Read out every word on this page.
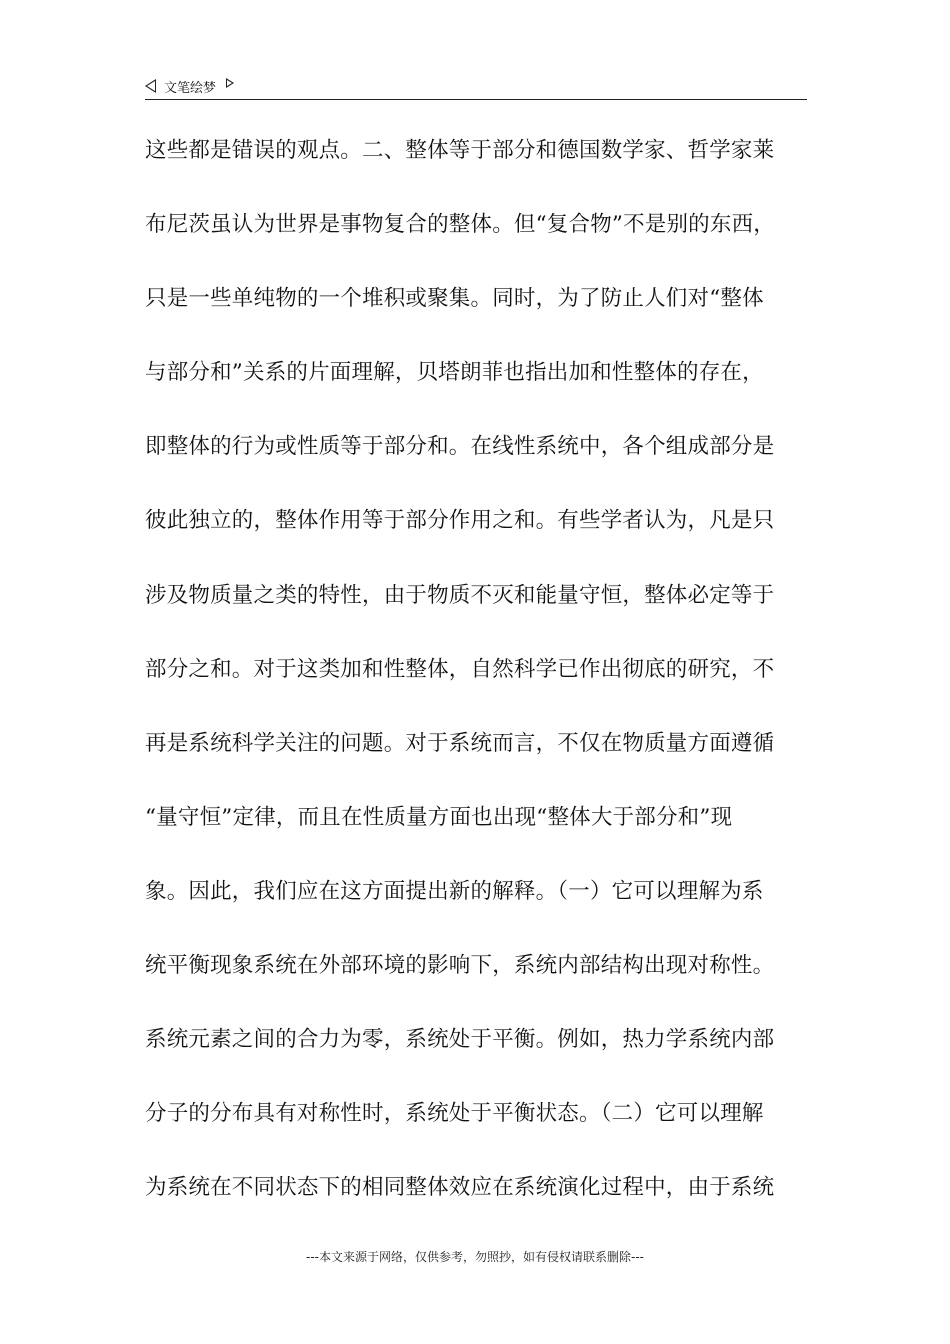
文笔绘梦
这些都是错误的观点。二、整体等于部分和德国数学家、哲学家莱
布尼茨虽认为世界是事物复合的整体。但“复合物”不是别的东西，
只是一些单纯物的一个堆积或聚集。同时，为了防止人们对“整体
与部分和”关系的片面理解，贝塔朗菲也指出加和性整体的存在，
即整体的行为或性质等于部分和。在线性系统中，各个组成部分是
彼此独立的，整体作用等于部分作用之和。有些学者认为，凡是只
涉及物质量之类的特性，由于物质不灭和能量守恒，整体必定等于
部分之和。对于这类加和性整体，自然科学已作出彻底的研究，不
再是系统科学关注的问题。对于系统而言，不仅在物质量方面遵循
“量守恒”定律，而且在性质量方面也出现“整体大于部分和”现
象。因此，我们应在这方面提出新的解释。（一）它可以理解为系
统平衡现象系统在外部环境的影响下，系统内部结构出现对称性。
系统元素之间的合力为零，系统处于平衡。例如，热力学系统内部
分子的分布具有对称性时，系统处于平衡状态。（二）它可以理解
为系统在不同状态下的相同整体效应在系统演化过程中，由于系统
---本文来源于网络，仅供参考，勿照抄，如有侵权请联系删除---
